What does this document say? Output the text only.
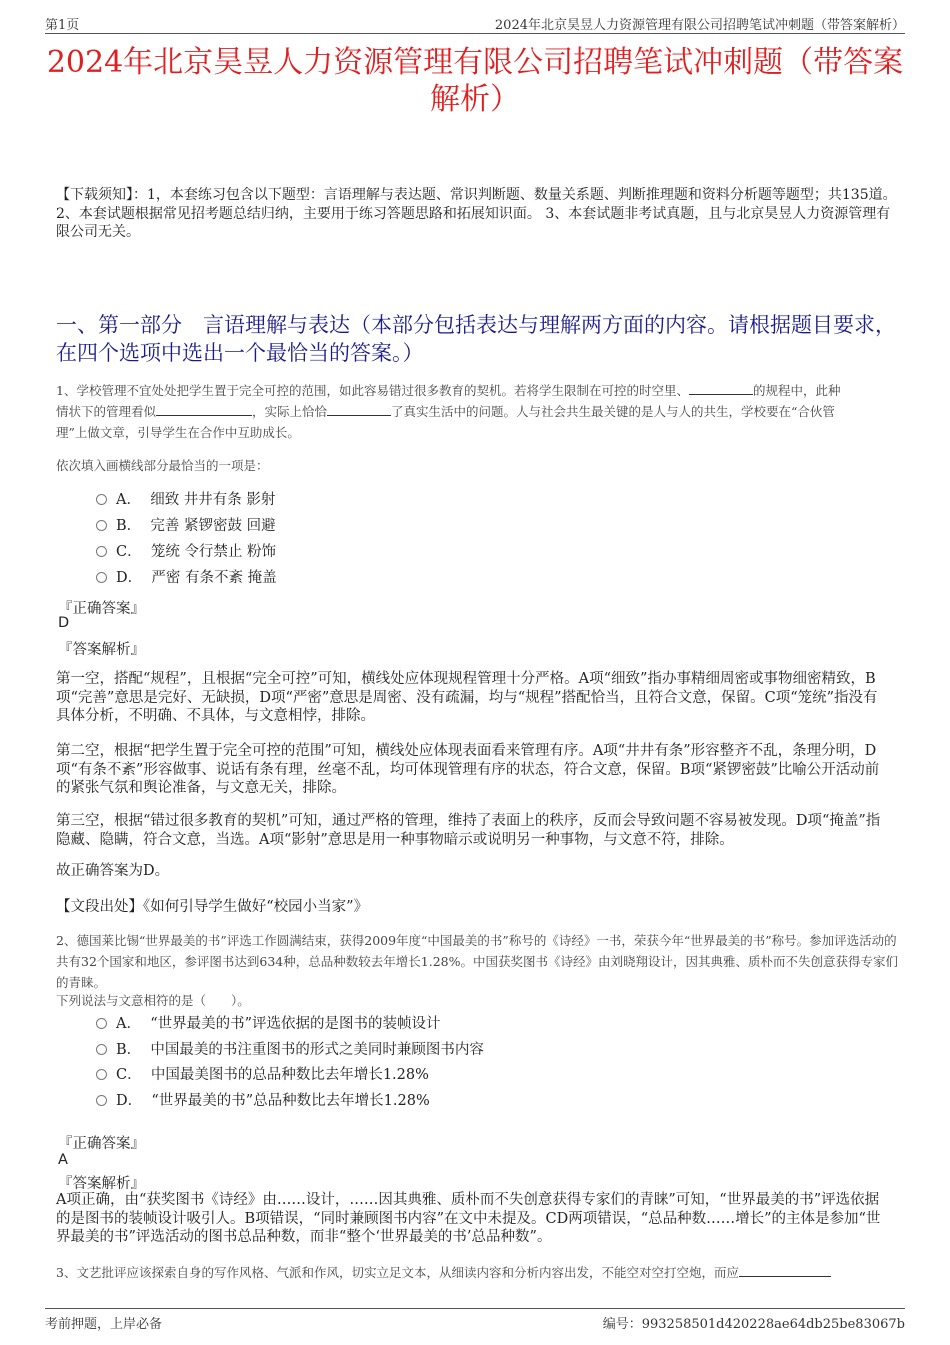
第1页	2024年北京昊昱人力资源管理有限公司招聘笔试冲刺题（带答案解析）
2024年北京昊昱人力资源管理有限公司招聘笔试冲刺题（带答案解析）
【下载须知】：1，本套练习包含以下题型：言语理解与表达题、常识判断题、数量关系题、判断推理题和资料分析题等题型；共135道。 2、本套试题根据常见招考题总结归纳，主要用于练习答题思路和拓展知识面。 3、本套试题非考试真题，且与北京昊昱人力资源管理有限公司无关。
一、第一部分　言语理解与表达（本部分包括表达与理解两方面的内容。请根据题目要求，在四个选项中选出一个最恰当的答案。）
1、学校管理不宜处处把学生置于完全可控的范围，如此容易错过很多教育的契机。若将学生限制在可控的时空里、	的规程中，此种
情状下的管理看似	，实际上恰恰	了真实生活中的问题。人与社会共生最关键的是人与人的共生，学校要在“合伙管
理”上做文章，引导学生在合作中互助成长。
依次填入画横线部分最恰当的一项是：
A． 细致 井井有条 影射
B． 完善 紧锣密鼓 回避
C． 笼统 令行禁止 粉饰
D． 严密 有条不紊 掩盖
『正确答案』
D
『答案解析』
第一空，搭配“规程”，且根据“完全可控”可知，横线处应体现规程管理十分严格。A项“细致”指办事精细周密或事物细密精致，B项“完善”意思是完好、无缺损，D项“严密”意思是周密、没有疏漏，均与“规程”搭配恰当，且符合文意，保留。C项“笼统”指没有具体分析，不明确、不具体，与文意相悖，排除。
第二空，根据“把学生置于完全可控的范围”可知，横线处应体现表面看来管理有序。A项“井井有条”形容整齐不乱，条理分明，D项“有条不紊”形容做事、说话有条有理，丝毫不乱，均可体现管理有序的状态，符合文意，保留。B项“紧锣密鼓”比喻公开活动前的紧张气氛和舆论准备，与文意无关，排除。
第三空，根据“错过很多教育的契机”可知，通过严格的管理，维持了表面上的秩序，反而会导致问题不容易被发现。D项“掩盖”指隐藏、隐瞒，符合文意，当选。A项“影射”意思是用一种事物暗示或说明另一种事物，与文意不符，排除。
故正确答案为D。
【文段出处】《如何引导学生做好“校园小当家”》
2、德国莱比锡“世界最美的书”评选工作圆满结束，获得2009年度“中国最美的书”称号的《诗经》一书，荣获今年“世界最美的书”称号。参加评选活动的共有32个国家和地区，参评图书达到634种，总品种数较去年增长1.28%。中国获奖图书《诗经》由刘晓翔设计，因其典雅、质朴而不失创意获得专家们的青睐。
下列说法与文意相符的是（　　）。
A． “世界最美的书”评选依据的是图书的装帧设计
B． 中国最美的书注重图书的形式之美同时兼顾图书内容
C． 中国最美图书的总品种数比去年增长1.28%
D． “世界最美的书”总品种数比去年增长1.28%
『正确答案』
A
『答案解析』
A项正确，由“获奖图书《诗经》由……设计，……因其典雅、质朴而不失创意获得专家们的青睐”可知，“世界最美的书”评选依据的是图书的装帧设计吸引人。B项错误，“同时兼顾图书内容”在文中未提及。CD两项错误，“总品种数……增长”的主体是参加“世界最美的书”评选活动的图书总品种数，而非“整个‘世界最美的书’总品种数”。
3、文艺批评应该探索自身的写作风格、气派和作风，切实立足文本，从细读内容和分析内容出发，不能空对空打空炮，而应
考前押题，上岸必备	编号：993258501d420228ae64db25be83067b
